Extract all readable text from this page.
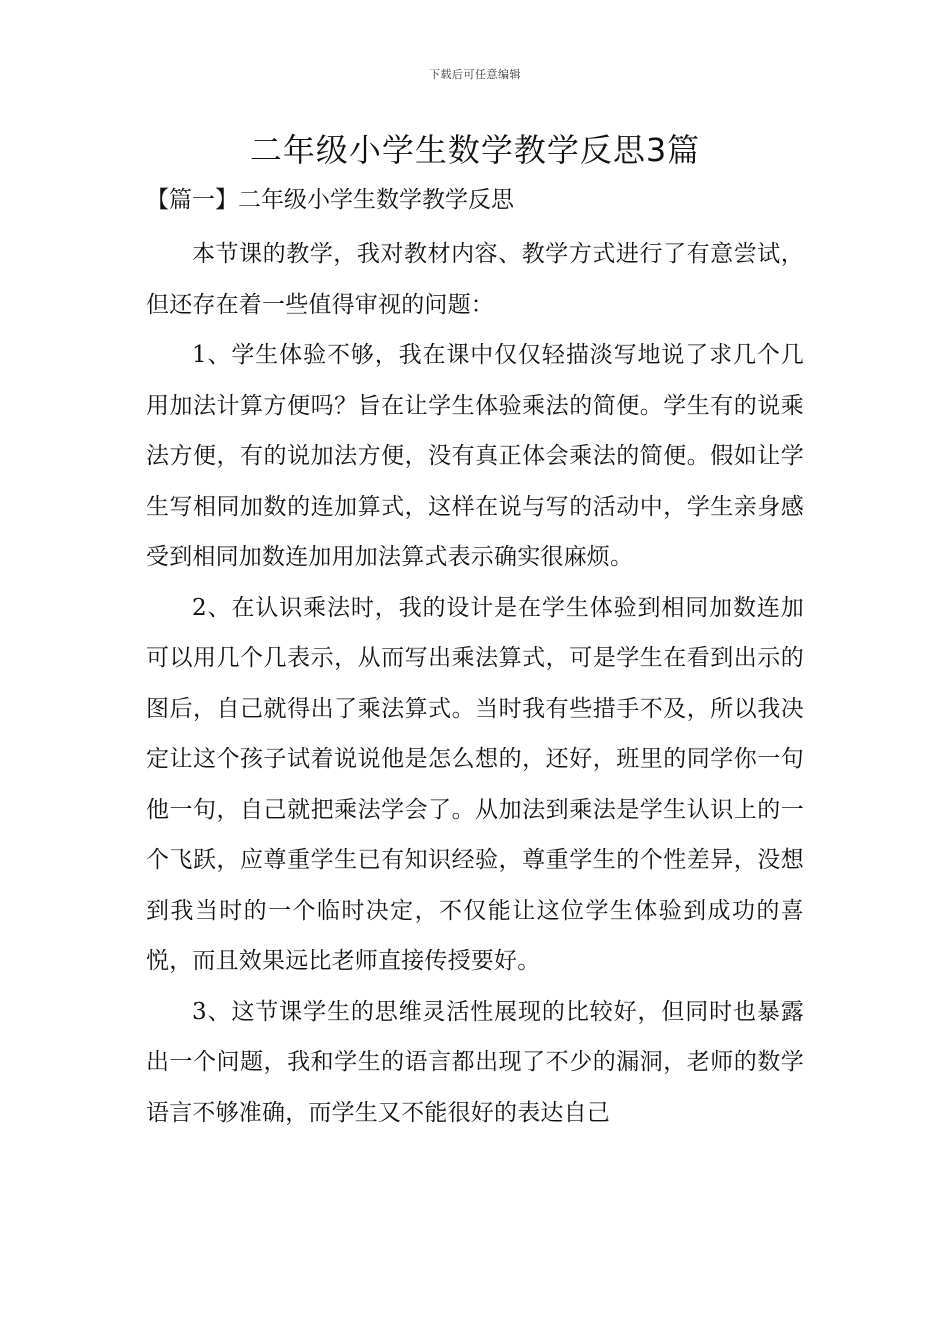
下载后可任意编辑
二年级小学生数学教学反思3篇
【篇一】二年级小学生数学教学反思

本节课的教学，我对教材内容、教学方式进行了有意尝试，但还存在着一些值得审视的问题：

1、学生体验不够，我在课中仅仅轻描淡写地说了求几个几用加法计算方便吗？旨在让学生体验乘法的简便。学生有的说乘法方便，有的说加法方便，没有真正体会乘法的简便。假如让学生写相同加数的连加算式，这样在说与写的活动中，学生亲身感受到相同加数连加用加法算式表示确实很麻烦。

2、在认识乘法时，我的设计是在学生体验到相同加数连加可以用几个几表示，从而写出乘法算式，可是学生在看到出示的图后，自己就得出了乘法算式。当时我有些措手不及，所以我决定让这个孩子试着说说他是怎么想的，还好，班里的同学你一句他一句，自己就把乘法学会了。从加法到乘法是学生认识上的一个飞跃，应尊重学生已有知识经验，尊重学生的个性差异，没想到我当时的一个临时决定，不仅能让这位学生体验到成功的喜悦，而且效果远比老师直接传授要好。

3、这节课学生的思维灵活性展现的比较好，但同时也暴露出一个问题，我和学生的语言都出现了不少的漏洞，老师的数学语言不够准确，而学生又不能很好的表达自己
